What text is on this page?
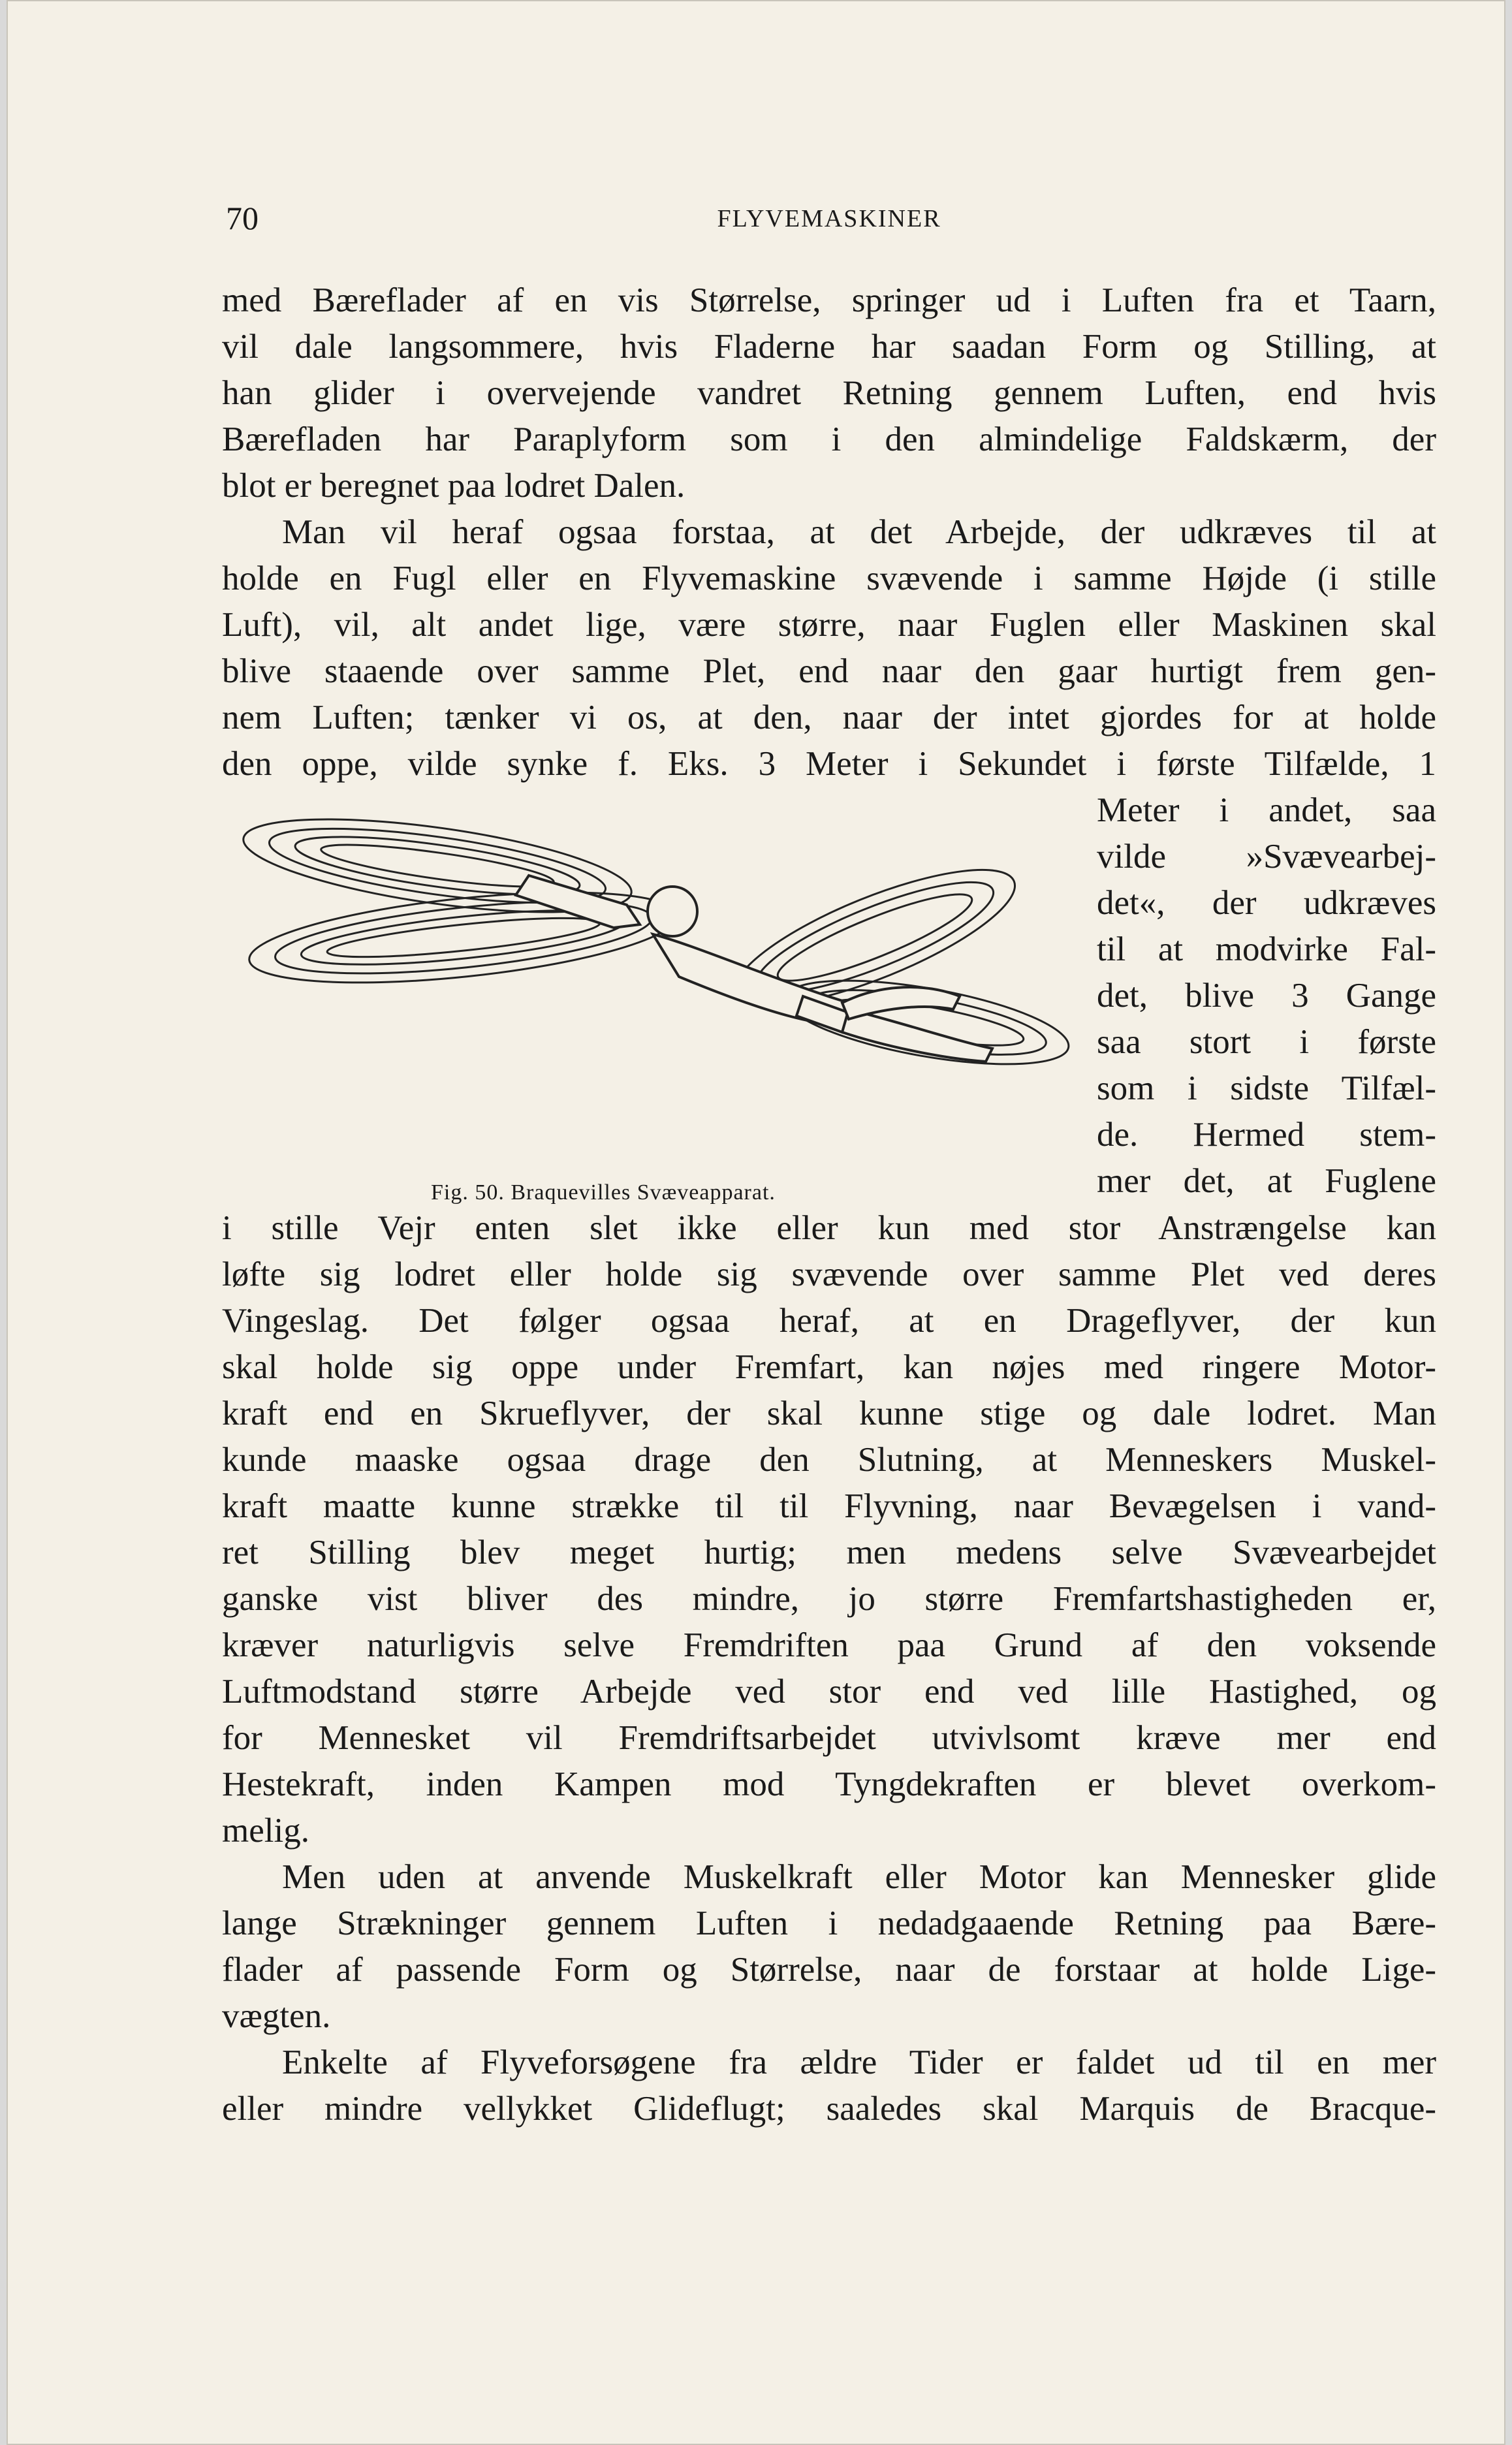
70	FLYVEMASKINER

med Bæreflader af en vis Størrelse, springer ud i Luften fra et Taarn,
vil dale langsommere, hvis Fladerne har saadan Form og Stilling, at
han glider i overvejende vandret Retning gennem Luften, end hvis
Bærefladen har Paraplyform som i den almindelige Faldskærm, der
blot er beregnet paa lodret Dalen.

Man vil heraf ogsaa forstaa, at det Arbejde, der udkræves til at
holde en Fugl eller en Flyvemaskine svævende i samme Højde (i stille
Luft), vil, alt andet lige, være større, naar Fuglen eller Maskinen skal
blive staaende over samme Plet, end naar den gaar hurtigt frem gen-
nem Luften; tænker vi os, at den, naar der intet gjordes for at holde
den oppe, vilde synke f. Eks. 3 Meter i Sekundet i første Tilfælde, 1

Fig. 50. Braquevilles Svæveapparat.
Meter i andet, saa
vilde »Svævearbej-
det«, der udkræves
til at modvirke Fal-
det, blive 3 Gange
saa stort i første
som i sidste Tilfæl-
de. Hermed stem-
mer det, at Fuglene

i stille Vejr enten slet ikke eller kun med stor Anstrængelse kan
løfte sig lodret eller holde sig svævende over samme Plet ved deres
Vingeslag. Det følger ogsaa heraf, at en Drageflyver, der kun
skal holde sig oppe under Fremfart, kan nøjes med ringere Motor-
kraft end en Skrueflyver, der skal kunne stige og dale lodret. Man
kunde maaske ogsaa drage den Slutning, at Menneskers Muskel-
kraft maatte kunne strække til til Flyvning, naar Bevægelsen i vand-
ret Stilling blev meget hurtig; men medens selve Svævearbejdet
ganske vist bliver des mindre, jo større Fremfartshastigheden er,
kræver naturligvis selve Fremdriften paa Grund af den voksende
Luftmodstand større Arbejde ved stor end ved lille Hastighed, og
for Mennesket vil Fremdriftsarbejdet utvivlsomt kræve mer end
Hestekraft, inden Kampen mod Tyngdekraften er blevet overkom-
melig.

Men uden at anvende Muskelkraft eller Motor kan Mennesker glide
lange Strækninger gennem Luften i nedadgaaende Retning paa Bære-
flader af passende Form og Størrelse, naar de forstaar at holde Lige-
vægten.

Enkelte af Flyveforsøgene fra ældre Tider er faldet ud til en mer
eller mindre vellykket Glideflugt; saaledes skal Marquis de Bracque-
